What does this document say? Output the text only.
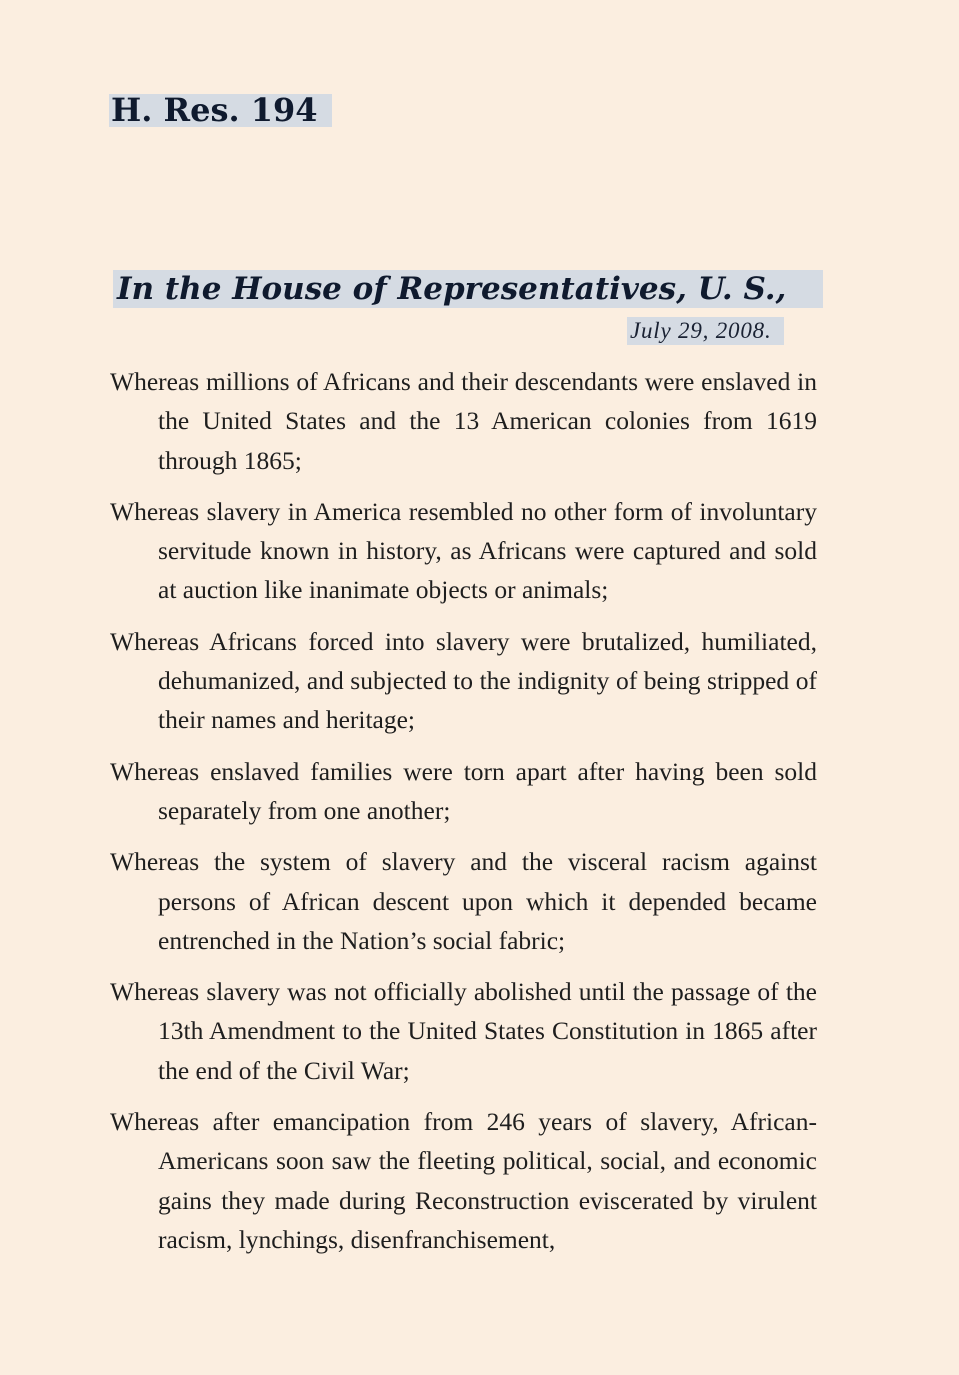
H. Res. 194
In the House of Representatives, U. S.,
July 29, 2008.

Whereas millions of Africans and their descendants were enslaved in the United States and the 13 American colonies from 1619 through 1865;

Whereas slavery in America resembled no other form of involuntary servitude known in history, as Africans were captured and sold at auction like inanimate objects or animals;

Whereas Africans forced into slavery were brutalized, humiliated, dehumanized, and subjected to the indignity of being stripped of their names and heritage;

Whereas enslaved families were torn apart after having been sold separately from one another;

Whereas the system of slavery and the visceral racism against persons of African descent upon which it depended became entrenched in the Nation’s social fabric;

Whereas slavery was not officially abolished until the passage of the 13th Amendment to the United States Constitution in 1865 after the end of the Civil War;

Whereas after emancipation from 246 years of slavery, African-Americans soon saw the fleeting political, social, and economic gains they made during Reconstruction eviscerated by virulent racism, lynchings, disenfranchisement,
